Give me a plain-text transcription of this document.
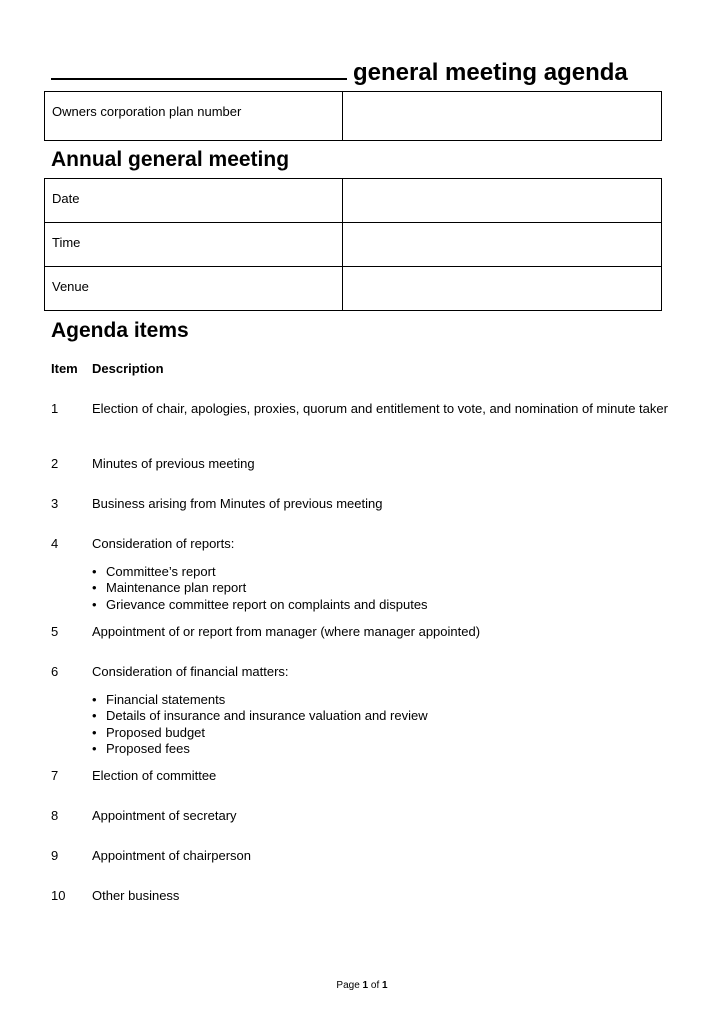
general meeting agenda
Owners corporation plan number	
Annual general meeting
Date	
Time	
Venue	
Agenda items
Item Description
1	Election of chair, apologies, proxies, quorum and entitlement to vote, and nomination of minute taker
2	Minutes of previous meeting
3	Business arising from Minutes of previous meeting
4	Consideration of reports:
• Committee’s report
• Maintenance plan report
• Grievance committee report on complaints and disputes
5	Appointment of or report from manager (where manager appointed)
6	Consideration of financial matters:
• Financial statements
• Details of insurance and insurance valuation and review
• Proposed budget
• Proposed fees
7	Election of committee
8	Appointment of secretary
9	Appointment of chairperson
10 Other business
Page 1 of 1
